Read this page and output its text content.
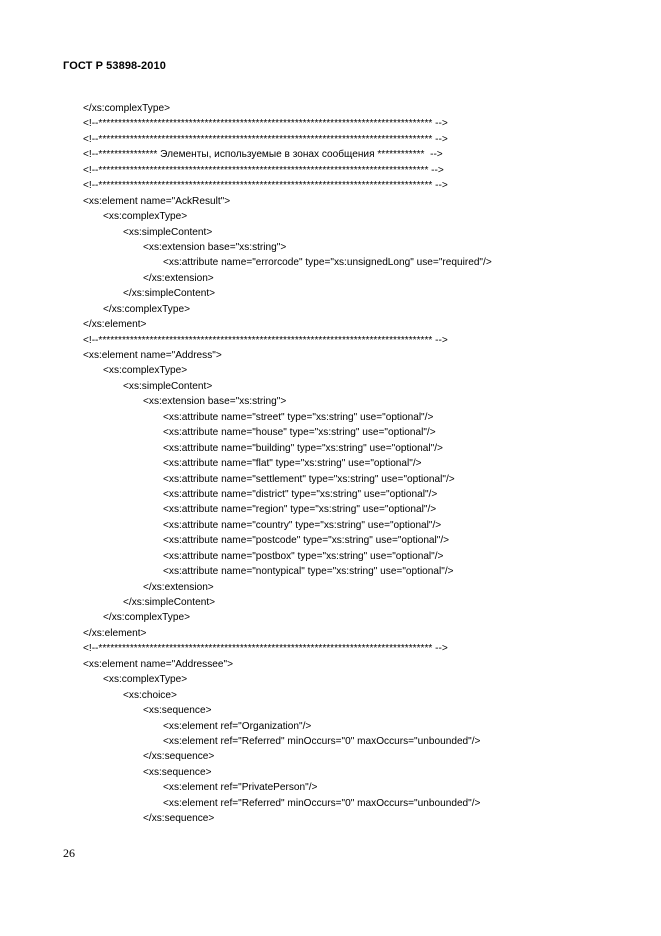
ГОСТ Р 53898-2010
</xs:complexType>
<!--************************************************************************************* -->
<!--************************************************************************************* -->
<!--*************** Элементы, используемые в зонах сообщения ************  -->
<!--************************************************************************************ -->
<!--************************************************************************************* -->
<xs:element name="AckResult">
<xs:complexType>
<xs:simpleContent>
<xs:extension base="xs:string">
<xs:attribute name="errorcode" type="xs:unsignedLong" use="required"/>
</xs:extension>
</xs:simpleContent>
</xs:complexType>
</xs:element>
<!--************************************************************************************* -->
<xs:element name="Address">
<xs:complexType>
<xs:simpleContent>
<xs:extension base="xs:string">
<xs:attribute name="street" type="xs:string" use="optional"/>
<xs:attribute name="house" type="xs:string" use="optional"/>
<xs:attribute name="building" type="xs:string" use="optional"/>
<xs:attribute name="flat" type="xs:string" use="optional"/>
<xs:attribute name="settlement" type="xs:string" use="optional"/>
<xs:attribute name="district" type="xs:string" use="optional"/>
<xs:attribute name="region" type="xs:string" use="optional"/>
<xs:attribute name="country" type="xs:string" use="optional"/>
<xs:attribute name="postcode" type="xs:string" use="optional"/>
<xs:attribute name="postbox" type="xs:string" use="optional"/>
<xs:attribute name="nontypical" type="xs:string" use="optional"/>
</xs:extension>
</xs:simpleContent>
</xs:complexType>
</xs:element>
<!--************************************************************************************* -->
<xs:element name="Addressee">
<xs:complexType>
<xs:choice>
<xs:sequence>
<xs:element ref="Organization"/>
<xs:element ref="Referred" minOccurs="0" maxOccurs="unbounded"/>
</xs:sequence>
<xs:sequence>
<xs:element ref="PrivatePerson"/>
<xs:element ref="Referred" minOccurs="0" maxOccurs="unbounded"/>
</xs:sequence>
26
